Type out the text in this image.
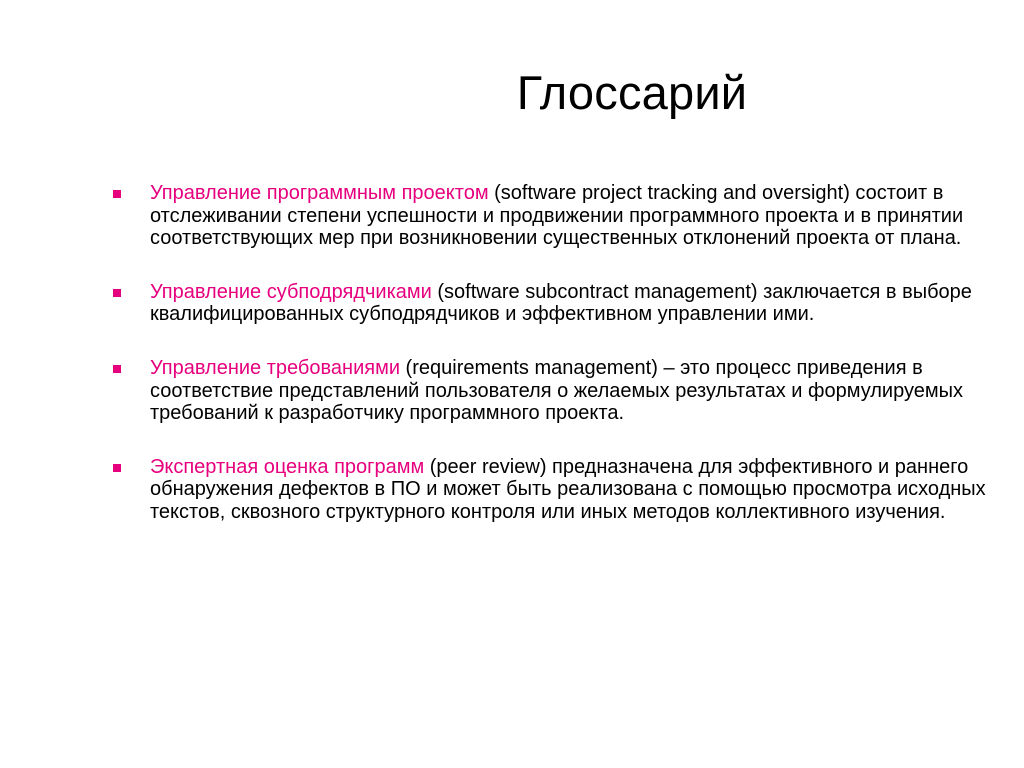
Глоссарий
Управление программным проектом (software project tracking and oversight) состоит в отслеживании степени успешности и продвижении программного проекта и в принятии соответствующих мер при возникновении существенных отклонений проекта от плана.
Управление субподрядчиками (software subcontract management) заключается в выборе квалифицированных субподрядчиков и эффективном управлении ими.
Управление требованиями (requirements management) – это процесс приведения в соответствие представлений пользователя о желаемых результатах и формулируемых требований к разработчику программного проекта.
Экспертная оценка программ (peer review) предназначена для эффективного и раннего обнаружения дефектов в ПО и может быть реализована с помощью просмотра исходных текстов, сквозного структурного контроля или иных методов коллективного изучения.
